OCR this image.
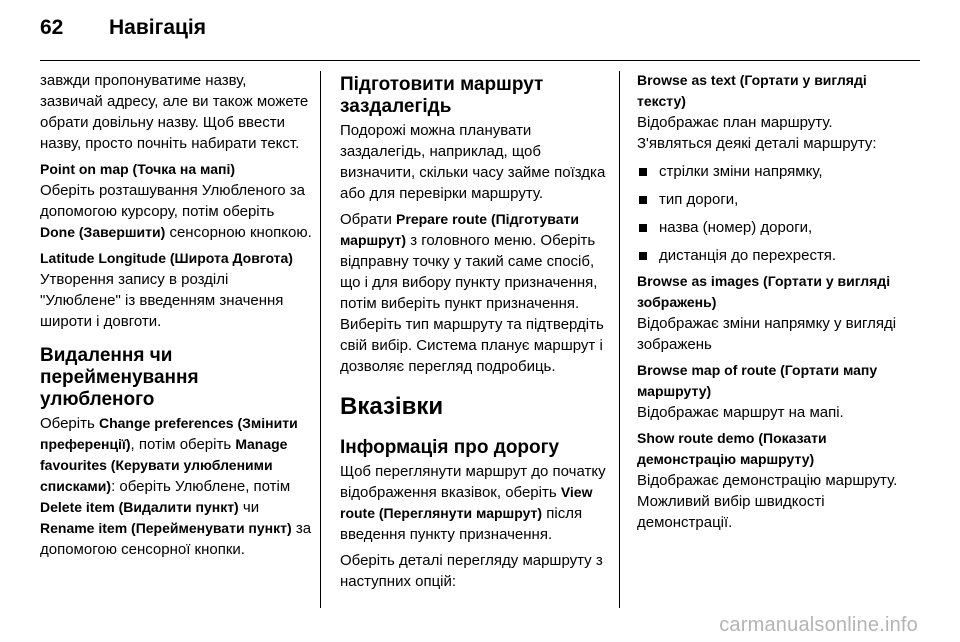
62 Навігація

завжди пропонуватиме назву, зазвичай адресу, але ви також можете обрати довільну назву. Щоб ввести назву, просто почніть набирати текст.

Point on map (Точка на мапі)

Оберіть розташування Улюбленого за допомогою курсору, потім оберіть Done (Завершити) сенсорною кнопкою.

Latitude Longitude (Широта Довгота)

Утворення запису в розділі "Улюблене" із введенням значення широти і довготи.

Видалення чи перейменування улюбленого

Оберіть Change preferences (Змінити преференції), потім оберіть Manage favourites (Керувати улюбленими списками): оберіть Улюблене, потім Delete item (Видалити пункт) чи Rename item (Перейменувати пункт) за допомогою сенсорної кнопки.

Підготовити маршрут заздалегідь

Подорожі можна планувати заздалегідь, наприклад, щоб визначити, скільки часу займе поїздка або для перевірки маршруту.

Обрати Prepare route (Підготувати маршрут) з головного меню. Оберіть відправну точку у такий саме спосіб, що і для вибору пункту призначення, потім виберіть пункт призначення. Виберіть тип маршруту та підтвердіть свій вибір. Система планує маршрут і дозволяє перегляд подробиць.

Вказівки
Інформація про дорогу

Щоб переглянути маршрут до початку відображення вказівок, оберіть View route (Переглянути маршрут) після введення пункту призначення.

Оберіть деталі перегляду маршруту з наступних опцій:

Browse as text (Гортати у вигляді тексту)

Відображає план маршруту.

З'являться деякі деталі маршруту:

стрілки зміни напрямку,
тип дороги,
назва (номер) дороги,
дистанція до перехрестя.

Browse as images (Гортати у вигляді зображень)

Відображає зміни напрямку у вигляді зображень

Browse map of route (Гортати мапу маршруту)

Відображає маршрут на мапі.

Show route demo (Показати демонстрацію маршруту)

Відображає демонстрацію маршруту. Можливий вибір швидкості демонстрації.

carmanualsonline.info
